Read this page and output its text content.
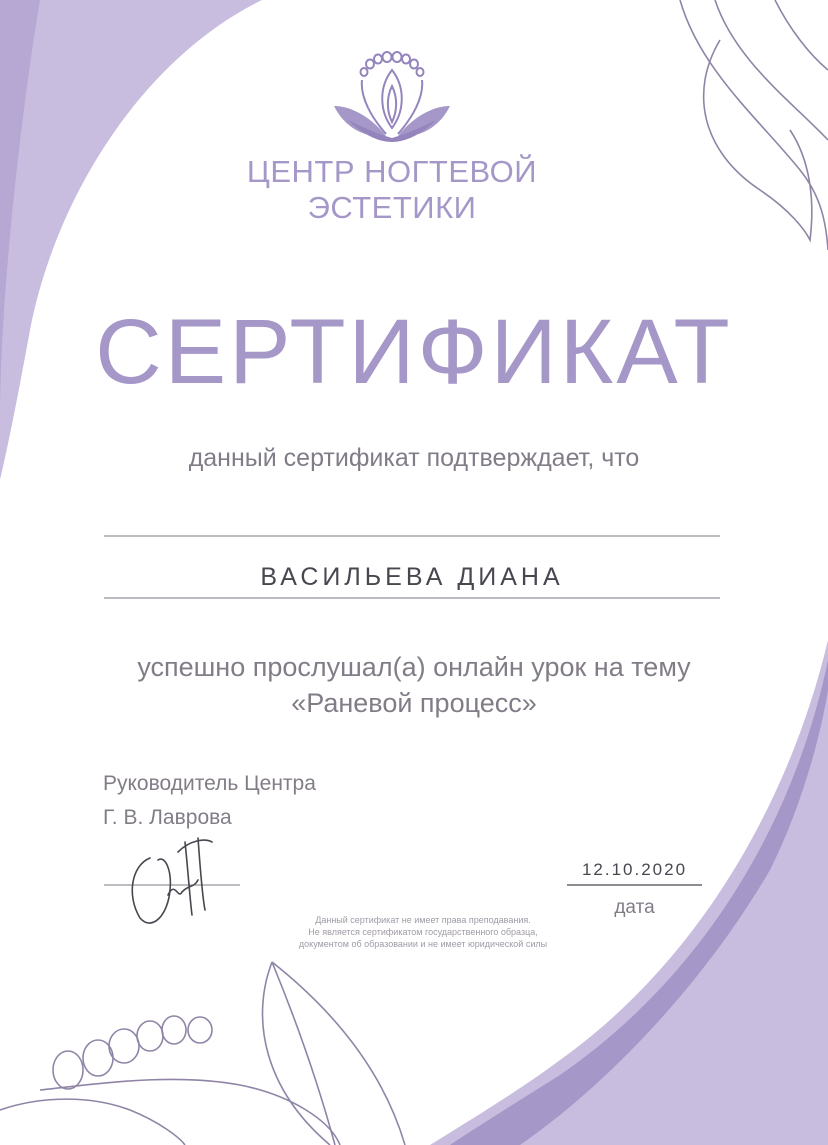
ЦЕНТР НОГТЕВОЙ

ЭСТЕТИКИ

СЕРТИФИКАТ

данный сертификат подтверждает, что

ВАСИЛЬЕВА ДИАНА

успешно прослушал(а) онлайн урок на тему

«Раневой процесс»

Руководитель Центра

Г. В. Лаврова

12.10.2020

дата

Данный сертификат не имеет права преподавания.
Не является сертификатом государственного образца,
документом об образовании и не имеет юридической силы
